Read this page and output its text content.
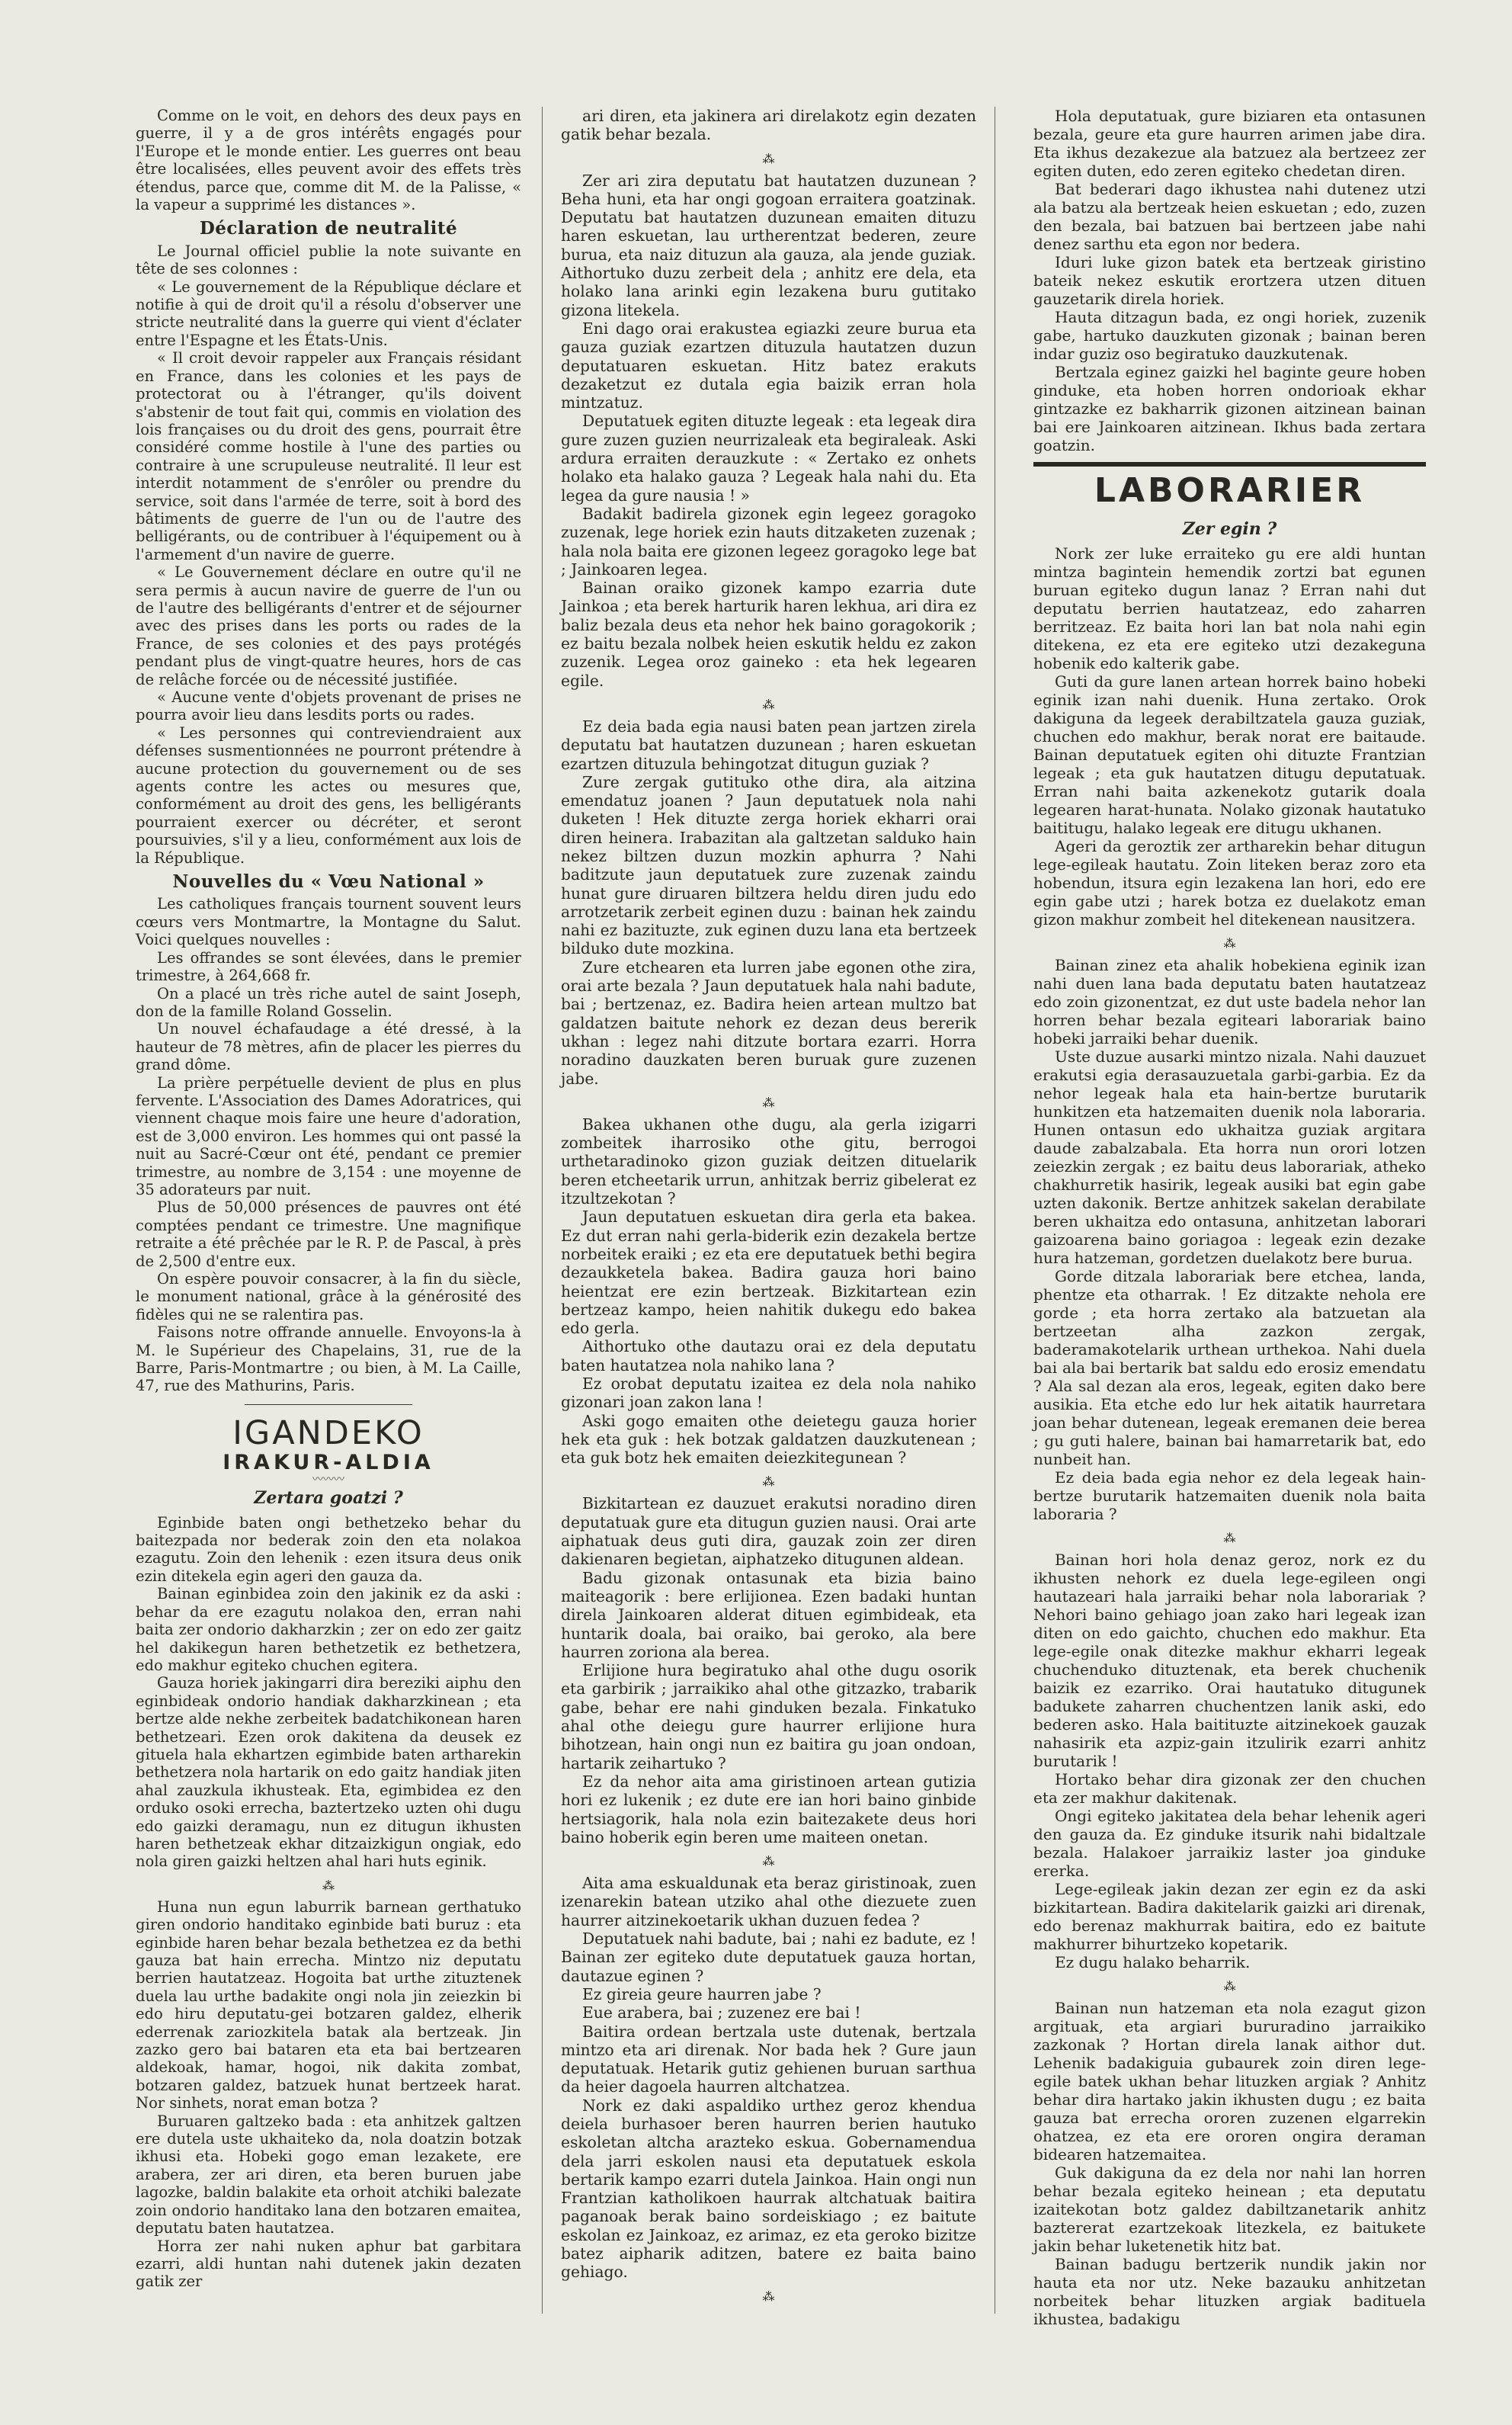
Comme on le voit, en dehors des deux pays en guerre, il y a de gros intérêts engagés pour l'Europe et le monde entier. Les guerres ont beau être localisées, elles peuvent avoir des effets très étendus, parce que, comme dit M. de la Palisse, « la vapeur a supprimé les distances ».

Déclaration de neutralité

Le Journal officiel publie la note suivante en tête de ses colonnes :

« Le gouvernement de la République déclare et notifie à qui de droit qu'il a résolu d'observer une stricte neutralité dans la guerre qui vient d'éclater entre l'Espagne et les États-Unis.

« Il croit devoir rappeler aux Français résidant en France, dans les colonies et les pays de protectorat ou à l'étranger, qu'ils doivent s'abstenir de tout fait qui, commis en violation des lois françaises ou du droit des gens, pourrait être considéré comme hostile à l'une des parties ou contraire à une scrupuleuse neutralité. Il leur est interdit notamment de s'enrôler ou prendre du service, soit dans l'armée de terre, soit à bord des bâtiments de guerre de l'un ou de l'autre des belligérants, ou de contribuer à l'équipement ou à l'armement d'un navire de guerre.

« Le Gouvernement déclare en outre qu'il ne sera permis à aucun navire de guerre de l'un ou de l'autre des belligérants d'entrer et de séjourner avec des prises dans les ports ou rades de la France, de ses colonies et des pays protégés pendant plus de vingt-quatre heures, hors de cas de relâche forcée ou de nécessité justifiée.

« Aucune vente d'objets provenant de prises ne pourra avoir lieu dans lesdits ports ou rades.

« Les personnes qui contreviendraient aux défenses susmentionnées ne pourront prétendre à aucune protection du gouvernement ou de ses agents contre les actes ou mesures que, conformément au droit des gens, les belligérants pourraient exercer ou décréter, et seront poursuivies, s'il y a lieu, conformément aux lois de la République.

Nouvelles du « Vœu National »

Les catholiques français tournent souvent leurs cœurs vers Montmartre, la Montagne du Salut. Voici quelques nouvelles :

Les offrandes se sont élevées, dans le premier trimestre, à 264,668 fr.

On a placé un très riche autel de saint Joseph, don de la famille Roland Gosselin.

Un nouvel échafaudage a été dressé, à la hauteur de 78 mètres, afin de placer les pierres du grand dôme.

La prière perpétuelle devient de plus en plus fervente. L'Association des Dames Adoratrices, qui viennent chaque mois faire une heure d'adoration, est de 3,000 environ. Les hommes qui ont passé la nuit au Sacré-Cœur ont été, pendant ce premier trimestre, au nombre de 3,154 : une moyenne de 35 adorateurs par nuit.

Plus de 50,000 présences de pauvres ont été comptées pendant ce trimestre. Une magnifique retraite a été prêchée par le R. P. de Pascal, à près de 2,500 d'entre eux.

On espère pouvoir consacrer, à la fin du siècle, le monument national, grâce à la générosité des fidèles qui ne se ralentira pas.

Faisons notre offrande annuelle. Envoyons-la à M. le Supérieur des Chapelains, 31, rue de la Barre, Paris-Montmartre ; ou bien, à M. La Caille, 47, rue des Mathurins, Paris.

IGANDEKO
IRAKUR-ALDIA
〰〰〰
Zertara goatzi ?

Eginbide baten ongi bethetzeko behar du baitezpada nor bederak zoin den eta nolakoa ezagutu. Zoin den lehenik : ezen itsura deus onik ezin ditekela egin ageri den gauza da.

Bainan eginbidea zoin den jakinik ez da aski : behar da ere ezagutu nolakoa den, erran nahi baita zer ondorio dakharzkin ; zer on edo zer gaitz hel dakikegun haren bethetzetik ez bethetzera, edo makhur egiteko chuchen egitera.

Gauza horiek jakingarri dira bereziki aiphu den eginbideak ondorio handiak dakharzkinean ; eta bertze alde nekhe zerbeitek badatchikonean haren bethetzeari. Ezen orok dakitena da deusek ez gituela hala ekhartzen egimbide baten artharekin bethetzera nola hartarik on edo gaitz handiak jiten ahal zauzkula ikhusteak. Eta, egimbidea ez den orduko osoki errecha, baztertzeko uzten ohi dugu edo gaizki deramagu, nun ez ditugun ikhusten haren bethetzeak ekhar ditzaizkigun ongiak, edo nola giren gaizki heltzen ahal hari huts eginik.

⁂

Huna nun egun laburrik barnean gerthatuko giren ondorio handitako eginbide bati buruz : eta eginbide haren behar bezala bethetzea ez da bethi gauza bat hain errecha. Mintzo niz deputatu berrien hautatzeaz. Hogoita bat urthe zituztenek duela lau urthe badakite ongi nola jin zeiezkin bi edo hiru deputatu-gei botzaren galdez, elherik ederrenak zariozkitela batak ala bertzeak. Jin zazko gero bai bataren eta eta bai bertzearen aldekoak, hamar, hogoi, nik dakita zombat, botzaren galdez, batzuek hunat bertzeek harat. Nor sinhets, norat eman botza ?

Buruaren galtzeko bada : eta anhitzek galtzen ere dutela uste ukhaiteko da, nola doatzin botzak ikhusi eta. Hobeki gogo eman lezakete, ere arabera, zer ari diren, eta beren buruen jabe lagozke, baldin balakite eta orhoit atchiki balezate zoin ondorio handitako lana den botzaren emaitea, deputatu baten hautatzea.

Horra zer nahi nuken aphur bat garbitara ezarri, aldi huntan nahi dutenek jakin dezaten gatik zer

ari diren, eta jakinera ari direlakotz egin dezaten gatik behar bezala.

⁂

Zer ari zira deputatu bat hautatzen duzunean ? Beha huni, eta har ongi gogoan erraitera goatzinak. Deputatu bat hautatzen duzunean emaiten dituzu haren eskuetan, lau urtherentzat bederen, zeure burua, eta naiz dituzun ala gauza, ala jende guziak. Aithortuko duzu zerbeit dela ; anhitz ere dela, eta holako lana arinki egin lezakena buru gutitako gizona litekela.

Eni dago orai erakustea egiazki zeure burua eta gauza guziak ezartzen dituzula hautatzen duzun deputatuaren eskuetan. Hitz batez erakuts dezaketzut ez dutala egia baizik erran hola mintzatuz.

Deputatuek egiten dituzte legeak : eta legeak dira gure zuzen guzien neurrizaleak eta begiraleak. Aski ardura erraiten derauzkute : « Zertako ez onhets holako eta halako gauza ? Legeak hala nahi du. Eta legea da gure nausia ! »

Badakit badirela gizonek egin legeez goragoko zuzenak, lege horiek ezin hauts ditzaketen zuzenak ; hala nola baita ere gizonen legeez goragoko lege bat ; Jainkoaren legea.

Bainan oraiko gizonek kampo ezarria dute Jainkoa ; eta berek harturik haren lekhua, ari dira ez baliz bezala deus eta nehor hek baino goragokorik ; ez baitu bezala nolbek heien eskutik heldu ez zakon zuzenik. Legea oroz gaineko : eta hek legearen egile.

⁂

Ez deia bada egia nausi baten pean jartzen zirela deputatu bat hautatzen duzunean ; haren eskuetan ezartzen dituzula behingotzat ditugun guziak ?

Zure zergak gutituko othe dira, ala aitzina emendatuz joanen ? Jaun deputatuek nola nahi duketen ! Hek dituzte zerga horiek ekharri orai diren heinera. Irabazitan ala galtzetan salduko hain nekez biltzen duzun mozkin aphurra ? Nahi baditzute jaun deputatuek zure zuzenak zaindu hunat gure diruaren biltzera heldu diren judu edo arrotzetarik zerbeit eginen duzu : bainan hek zaindu nahi ez bazituzte, zuk eginen duzu lana eta bertzeek bilduko dute mozkina.

Zure etchearen eta lurren jabe egonen othe zira, orai arte bezala ? Jaun deputatuek hala nahi badute, bai ; bertzenaz, ez. Badira heien artean multzo bat galdatzen baitute nehork ez dezan deus bererik ukhan : legez nahi ditzute bortara ezarri. Horra noradino dauzkaten beren buruak gure zuzenen jabe.

⁂

Bakea ukhanen othe dugu, ala gerla izigarri zombeitek iharrosiko othe gitu, berrogoi urthetaradinoko gizon guziak deitzen dituelarik beren etcheetarik urrun, anhitzak berriz gibelerat ez itzultzekotan ?

Jaun deputatuen eskuetan dira gerla eta bakea. Ez dut erran nahi gerla-biderik ezin dezakela bertze norbeitek eraiki ; ez eta ere deputatuek bethi begira dezaukketela bakea. Badira gauza hori baino heientzat ere ezin bertzeak. Bizkitartean ezin bertzeaz kampo, heien nahitik dukegu edo bakea edo gerla.

Aithortuko othe dautazu orai ez dela deputatu baten hautatzea nola nahiko lana ?

Ez orobat deputatu izaitea ez dela nola nahiko gizonari joan zakon lana !

Aski gogo emaiten othe deietegu gauza horier hek eta guk : hek botzak galdatzen dauzkutenean ; eta guk botz hek emaiten deiezkitegunean ?

⁂

Bizkitartean ez dauzuet erakutsi noradino diren deputatuak gure eta ditugun guzien nausi. Orai arte aiphatuak deus guti dira, gauzak zoin zer diren dakienaren begietan, aiphatzeko ditugunen aldean.

Badu gizonak ontasunak eta bizia baino maiteagorik : bere erlijionea. Ezen badaki huntan direla Jainkoaren alderat dituen egimbideak, eta huntarik doala, bai oraiko, bai geroko, ala bere haurren zoriona ala berea.

Erlijione hura begiratuko ahal othe dugu osorik eta garbirik ; jarraikiko ahal othe gitzazko, trabarik gabe, behar ere nahi ginduken bezala. Finkatuko ahal othe deiegu gure haurrer erlijione hura bihotzean, hain ongi nun ez baitira gu joan ondoan, hartarik zeihartuko ?

Ez da nehor aita ama giristinoen artean gutizia hori ez lukenik ; ez dute ere ian hori baino ginbide hertsiagorik, hala nola ezin baitezakete deus hori baino hoberik egin beren ume maiteen onetan.

⁂

Aita ama eskualdunak eta beraz giristinoak, zuen izenarekin batean utziko ahal othe diezuete zuen haurrer aitzinekoetarik ukhan duzuen fedea ?

Deputatuek nahi badute, bai ; nahi ez badute, ez ! Bainan zer egiteko dute deputatuek gauza hortan, dautazue eginen ?

Ez gireia geure haurren jabe ?

Eue arabera, bai ; zuzenez ere bai !

Baitira ordean bertzala uste dutenak, bertzala mintzo eta ari direnak. Nor bada hek ? Gure jaun deputatuak. Hetarik gutiz gehienen buruan sarthua da heier dagoela haurren altchatzea.

Nork ez daki aspaldiko urthez geroz khendua deiela burhasoer beren haurren berien hautuko eskoletan altcha arazteko eskua. Gobernamendua dela jarri eskolen nausi eta deputatuek eskola bertarik kampo ezarri dutela Jainkoa. Hain ongi nun Frantzian katholikoen haurrak altchatuak baitira paganoak berak baino sordeiskiago ; ez baitute eskolan ez Jainkoaz, ez arimaz, ez eta geroko bizitze batez aipharik aditzen, batere ez baita baino gehiago.

⁂

Hola deputatuak, gure biziaren eta ontasunen bezala, geure eta gure haurren arimen jabe dira. Eta ikhus dezakezue ala batzuez ala bertzeez zer egiten duten, edo zeren egiteko chedetan diren.

Bat bederari dago ikhustea nahi dutenez utzi ala batzu ala bertzeak heien eskuetan ; edo, zuzen den bezala, bai batzuen bai bertzeen jabe nahi denez sarthu eta egon nor bedera.

Iduri luke gizon batek eta bertzeak giristino bateik nekez eskutik erortzera utzen dituen gauzetarik direla horiek.

Hauta ditzagun bada, ez ongi horiek, zuzenik gabe, hartuko dauzkuten gizonak ; bainan beren indar guziz oso begiratuko dauzkutenak.

Bertzala eginez gaizki hel baginte geure hoben ginduke, eta hoben horren ondorioak ekhar gintzazke ez bakharrik gizonen aitzinean bainan bai ere Jainkoaren aitzinean. Ikhus bada zertara goatzin.

LABORARIER
Zer egin ?

Nork zer luke erraiteko gu ere aldi huntan mintza bagintein hemendik zortzi bat egunen buruan egiteko dugun lanaz ? Erran nahi dut deputatu berrien hautatzeaz, edo zaharren berritzeaz. Ez baita hori lan bat nola nahi egin ditekena, ez eta ere egiteko utzi dezakeguna hobenik edo kalterik gabe.

Guti da gure lanen artean horrek baino hobeki eginik izan nahi duenik. Huna zertako. Orok dakiguna da legeek derabiltzatela gauza guziak, chuchen edo makhur, berak norat ere baitaude. Bainan deputatuek egiten ohi dituzte Frantzian legeak ; eta guk hautatzen ditugu deputatuak. Erran nahi baita azkenekotz gutarik doala legearen harat-hunata. Nolako gizonak hautatuko baititugu, halako legeak ere ditugu ukhanen.

Ageri da geroztik zer artharekin behar ditugun lege-egileak hautatu. Zoin liteken beraz zoro eta hobendun, itsura egin lezakena lan hori, edo ere egin gabe utzi ; harek botza ez duelakotz eman gizon makhur zombeit hel ditekenean nausitzera.

⁂

Bainan zinez eta ahalik hobekiena eginik izan nahi duen lana bada deputatu baten hautatzeaz edo zoin gizonentzat, ez dut uste badela nehor lan horren behar bezala egiteari laborariak baino hobeki jarraiki behar duenik.

Uste duzue ausarki mintzo nizala. Nahi dauzuet erakutsi egia derasauzuetala garbi-garbia. Ez da nehor legeak hala eta hain-bertze burutarik hunkitzen eta hatzemaiten duenik nola laboraria. Hunen ontasun edo ukhaitza guziak argitara daude zabalzabala. Eta horra nun orori lotzen zeiezkin zergak ; ez baitu deus laborariak, atheko chakhurretik hasirik, legeak ausiki bat egin gabe uzten dakonik. Bertze anhitzek sakelan derabilate beren ukhaitza edo ontasuna, anhitzetan laborari gaizoarena baino goriagoa : legeak ezin dezake hura hatzeman, gordetzen duelakotz bere burua.

Gorde ditzala laborariak bere etchea, landa, phentze eta otharrak. ! Ez ditzakte nehola ere gorde ; eta horra zertako ala batzuetan ala bertzeetan alha zazkon zergak, baderamakotelarik urthean urthekoa. Nahi duela bai ala bai bertarik bat saldu edo erosiz emendatu ? Ala sal dezan ala eros, legeak, egiten dako bere ausikia. Eta etche edo lur hek aitatik haurretara joan behar dutenean, legeak eremanen deie berea ; gu guti halere, bainan bai hamarretarik bat, edo nunbeit han.

Ez deia bada egia nehor ez dela legeak hain-bertze burutarik hatzemaiten duenik nola baita laboraria ?

⁂

Bainan hori hola denaz geroz, nork ez du ikhusten nehork ez duela lege-egileen ongi hautazeari hala jarraiki behar nola laborariak ? Nehori baino gehiago joan zako hari legeak izan diten on edo gaichto, chuchen edo makhur. Eta lege-egile onak ditezke makhur ekharri legeak chuchenduko dituztenak, eta berek chuchenik baizik ez ezarriko. Orai hautatuko ditugunek badukete zaharren chuchentzen lanik aski, edo bederen asko. Hala baitituzte aitzinekoek gauzak nahasirik eta azpiz-gain itzulirik ezarri anhitz burutarik !

Hortako behar dira gizonak zer den chuchen eta zer makhur dakitenak.

Ongi egiteko jakitatea dela behar lehenik ageri den gauza da. Ez ginduke itsurik nahi bidaltzale bezala. Halakoer jarraikiz laster joa ginduke ererka.

Lege-egileak jakin dezan zer egin ez da aski bizkitartean. Badira dakitelarik gaizki ari direnak, edo berenaz makhurrak baitira, edo ez baitute makhurrer bihurtzeko kopetarik.

Ez dugu halako beharrik.

⁂

Bainan nun hatzeman eta nola ezagut gizon argituak, eta argiari bururadino jarraikiko zazkonak ? Hortan direla lanak aithor dut. Lehenik badakiguia gubaurek zoin diren lege-egile batek ukhan behar lituzken argiak ? Anhitz behar dira hartako jakin ikhusten dugu ; ez baita gauza bat errecha ororen zuzenen elgarrekin ohatzea, ez eta ere ororen ongira deraman bidearen hatzemaitea.

Guk dakiguna da ez dela nor nahi lan horren behar bezala egiteko heinean ; eta deputatu izaitekotan botz galdez dabiltzanetarik anhitz baztererat ezartzekoak litezkela, ez baitukete jakin behar luketenetik hitz bat.

Bainan badugu bertzerik nundik jakin nor hauta eta nor utz. Neke bazauku anhitzetan norbeitek behar lituzken argiak badituela ikhustea, badakigu
